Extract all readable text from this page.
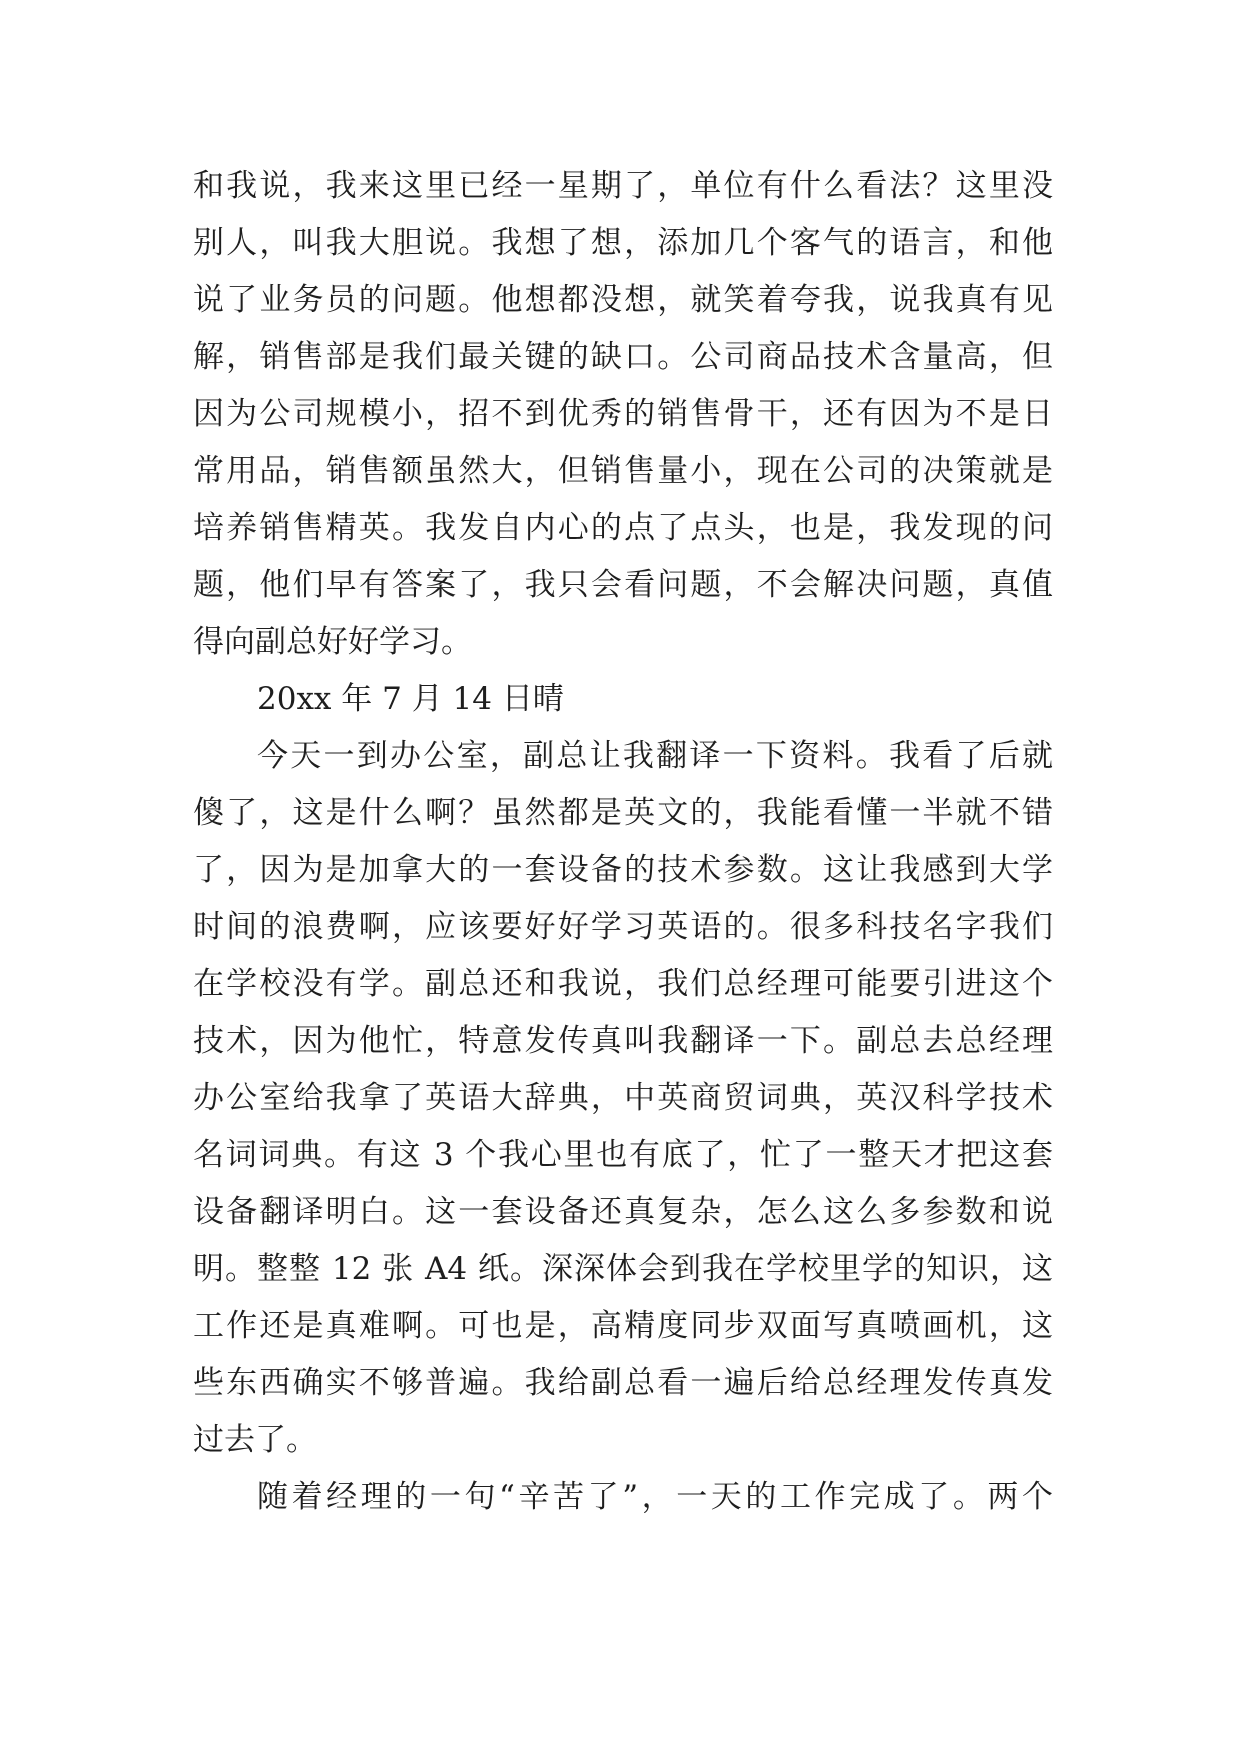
和我说，我来这里已经一星期了，单位有什么看法？这里没
别人，叫我大胆说。我想了想，添加几个客气的语言，和他
说了业务员的问题。他想都没想，就笑着夸我，说我真有见
解，销售部是我们最关键的缺口。公司商品技术含量高，但
因为公司规模小，招不到优秀的销售骨干，还有因为不是日
常用品，销售额虽然大，但销售量小，现在公司的决策就是
培养销售精英。我发自内心的点了点头，也是，我发现的问
题，他们早有答案了，我只会看问题，不会解决问题，真值
得向副总好好学习。
20xx 年 7 月 14 日晴
今天一到办公室，副总让我翻译一下资料。我看了后就
傻了，这是什么啊？虽然都是英文的，我能看懂一半就不错
了，因为是加拿大的一套设备的技术参数。这让我感到大学
时间的浪费啊，应该要好好学习英语的。很多科技名字我们
在学校没有学。副总还和我说，我们总经理可能要引进这个
技术，因为他忙，特意发传真叫我翻译一下。副总去总经理
办公室给我拿了英语大辞典，中英商贸词典，英汉科学技术
名词词典。有这 3 个我心里也有底了，忙了一整天才把这套
设备翻译明白。这一套设备还真复杂，怎么这么多参数和说
明。整整 12 张 A4 纸。深深体会到我在学校里学的知识，这
工作还是真难啊。可也是，高精度同步双面写真喷画机，这
些东西确实不够普遍。我给副总看一遍后给总经理发传真发
过去了。
随着经理的一句“辛苦了”，一天的工作完成了。两个
